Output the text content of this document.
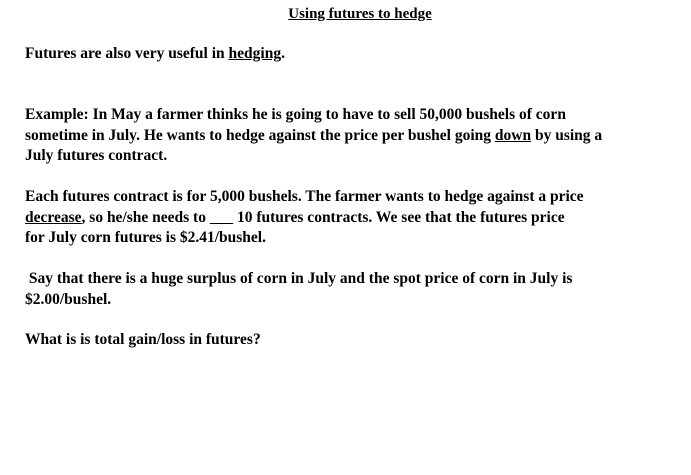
Using futures to hedge
Futures are also very useful in hedging.
Example: In May a farmer thinks he is going to have to sell 50,000 bushels of corn
sometime in July. He wants to hedge against the price per bushel going down by using a
July futures contract.
Each futures contract is for 5,000 bushels. The farmer wants to hedge against a price
decrease, so he/she needs to        10 futures contracts. We see that the futures price
for July corn futures is $2.41/bushel.
Say that there is a huge surplus of corn in July and the spot price of corn in July is
$2.00/bushel.
What is is total gain/loss in futures?
